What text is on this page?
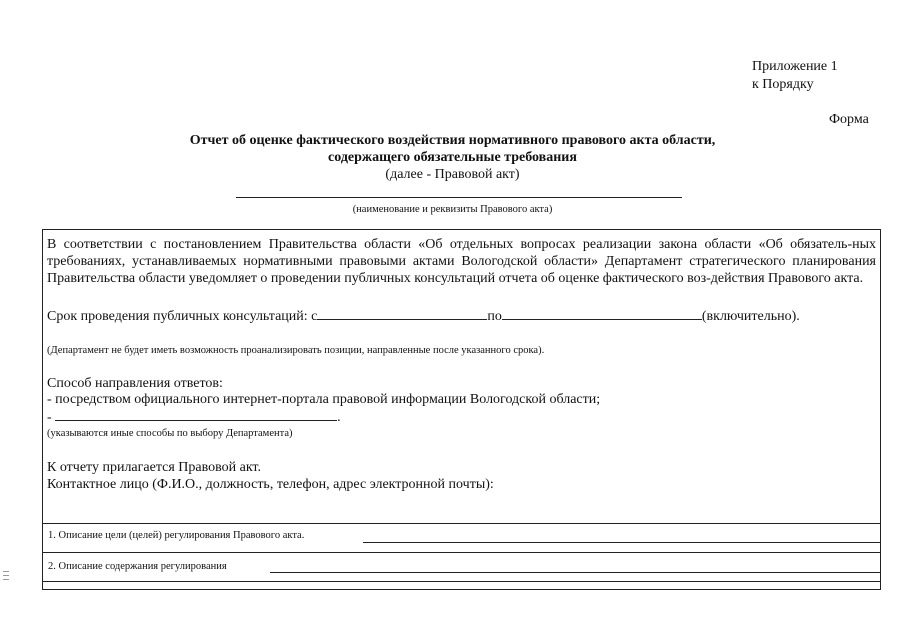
Приложение 1
к Порядку
Форма
Отчет об оценке фактического воздействия нормативного правового акта области,
содержащего обязательные требования
(далее - Правовой акт)
(наименование и реквизиты Правового акта)
В соответствии с постановлением Правительства области «Об отдельных вопросах реализации закона области «Об обязатель-ных требованиях, устанавливаемых нормативными правовыми актами Вологодской области» Департамент стратегического планирования Правительства области уведомляет о проведении публичных консультаций отчета об оценке фактического воз-действия Правового акта.
Срок проведения публичных консультаций: с	по	(включительно).
(Департамент не будет иметь возможность проанализировать позиции, направленные после указанного срока).
Способ направления ответов:
- посредством официального интернет-портала правовой информации Вологодской области;
-	.
(указываются иные способы по выбору Департамента)
К отчету прилагается Правовой акт.
Контактное лицо (Ф.И.О., должность, телефон, адрес электронной почты):
1. Описание цели (целей) регулирования Правового акта.
2. Описание содержания регулирования
